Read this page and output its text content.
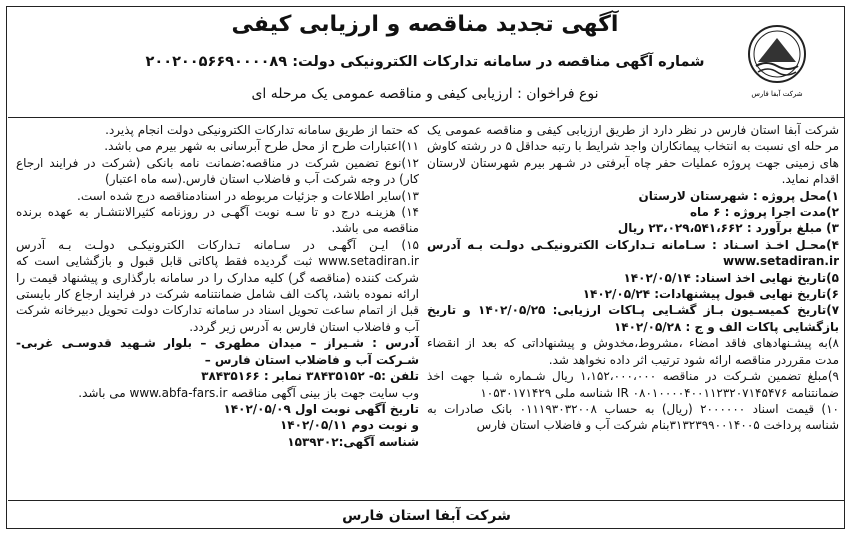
آگهی تجدید مناقصه و ارزیابی کیفی
شماره آگهی مناقصه در سامانه تدارکات الکترونیکی دولت: ۲۰۰۲۰۰۵۶۶۹۰۰۰۰۸۹
نوع فراخوان : ارزیابی کیفی و مناقصه عمومی یک مرحله ای	شرکت آبفا فارس

شرکت آبفا استان فارس در نظر دارد از طریق ارزیابی کیفی و مناقصه عمومی یک مر حله ای نسبت به انتخاب پیمانکاران واجد شرایط با رتبه حداقل ۵ در رشته کاوش های زمینی جهت پروژه عملیات حفر چاه آبرفتی در شـهر بیرم شهرستان لارستان اقدام نماید.

۱)محل پروژه : شهرستان لارستان

۲)مدت اجرا پروژه : ۶ ماه

۳) مبلغ برآورد : ۲۳،۰۲۹،۵۴۱،۶۶۲ ریال

۴)محـل اخـذ اسـناد : سـامانه تـدارکات الکترونیکـی دولـت بـه آدرس www.setadiran.ir

۵)تاریخ نهایی اخذ اسناد: ۱۴۰۲/۰۵/۱۴

۶)تاریخ نهایی قبول پیشنهادات: ۱۴۰۲/۰۵/۲۴

۷)تاریخ کمیسـیون بـاز گشـایی پـاکات ارزیابی: ۱۴۰۲/۰۵/۲۵ و تاریخ بازگشایی پاکات الف و ج : ۱۴۰۲/۰۵/۲۸

۸)به پیشـنهادهای فاقد امضاء ،مشروط،مخدوش و پیشنهاداتی که بعد از انقضاء مدت مقرردر مناقصه ارائه شود ترتیب اثر داده نخواهد شد.

۹)مبلغ تضمین شـرکت در مناقصه ۱،۱۵۲،۰۰۰،۰۰۰ ریال شـماره شـبا جهت اخذ ضمانتنامه IR ۰۸۰۱۰۰۰۰۴۰۰۱۱۲۳۲۰۷۱۴۵۴۷۶ شناسه ملی ۱۰۵۳۰۱۷۱۴۲۹

۱۰) قیمت اسناد ۲۰۰۰۰۰۰ (ریال) به حساب ۰۱۱۱۹۳۰۳۲۰۰۸ بانک صادرات به شناسه پرداخت ۳۱۳۲۳۹۹۰۰۱۴۰۰۵بنام شرکت آب و فاضلاب استان فارس

که حتما از طریق سامانه تدارکات الکترونیکی دولت انجام پذیرد.

۱۱)اعتبارات طرح از محل طرح آبرسانی به شهر بیرم می باشد.

۱۲)نوع تضمین شرکت در مناقصه:ضمانت نامه بانکی (شرکت در فرایند ارجاع کار) در وجه شرکت آب و فاضلاب استان فارس.(سه ماه اعتبار)

۱۳)سایر اطلاعات و جزئیات مربوطه در اسنادمناقصه درج شده است.

۱۴) هزینـه درج دو تا سـه نوبت آگهـی در روزنامه کثیرالانتشـار به عهده برنده مناقصه می باشد.

۱۵) ایـن آگهـی در سـامانه تـدارکات الکترونیکـی دولـت بـه آدرس www.setadiran.ir ثبت گردیده فقط پاکاتی قابل قبول و بازگشایی است که شرکت کننده (مناقصه گر) کلیه مدارک را در سامانه بارگذاری و پیشنهاد قیمت را ارائه نموده باشد، پاکت الف شامل ضمانتنامه شرکت در فرایند ارجاع کار بایستی قبل از اتمام ساعت تحویل اسناد در سامانه تدارکات دولت تحویل دبیرخانه شرکت آب و فاضلاب استان فارس به آدرس زیر گردد.

آدرس : شـیراز – میدان مطهری – بلوار شـهید قدوسـی غربی- شـرکت آب و فاضلاب استان فارس –

تلفن :۵- ۳۸۴۳۵۱۵۲ نمابر : ۳۸۴۳۵۱۶۶

وب سایت جهت باز بینی آگهی مناقصه www.abfa-fars.ir می باشد.

تاریخ آگهی نوبت اول ۱۴۰۲/۰۵/۰۹

و نوبت دوم ۱۴۰۲/۰۵/۱۱

شناسه آگهی:۱۵۳۹۳۰۲

شرکت آبفا استان فارس
